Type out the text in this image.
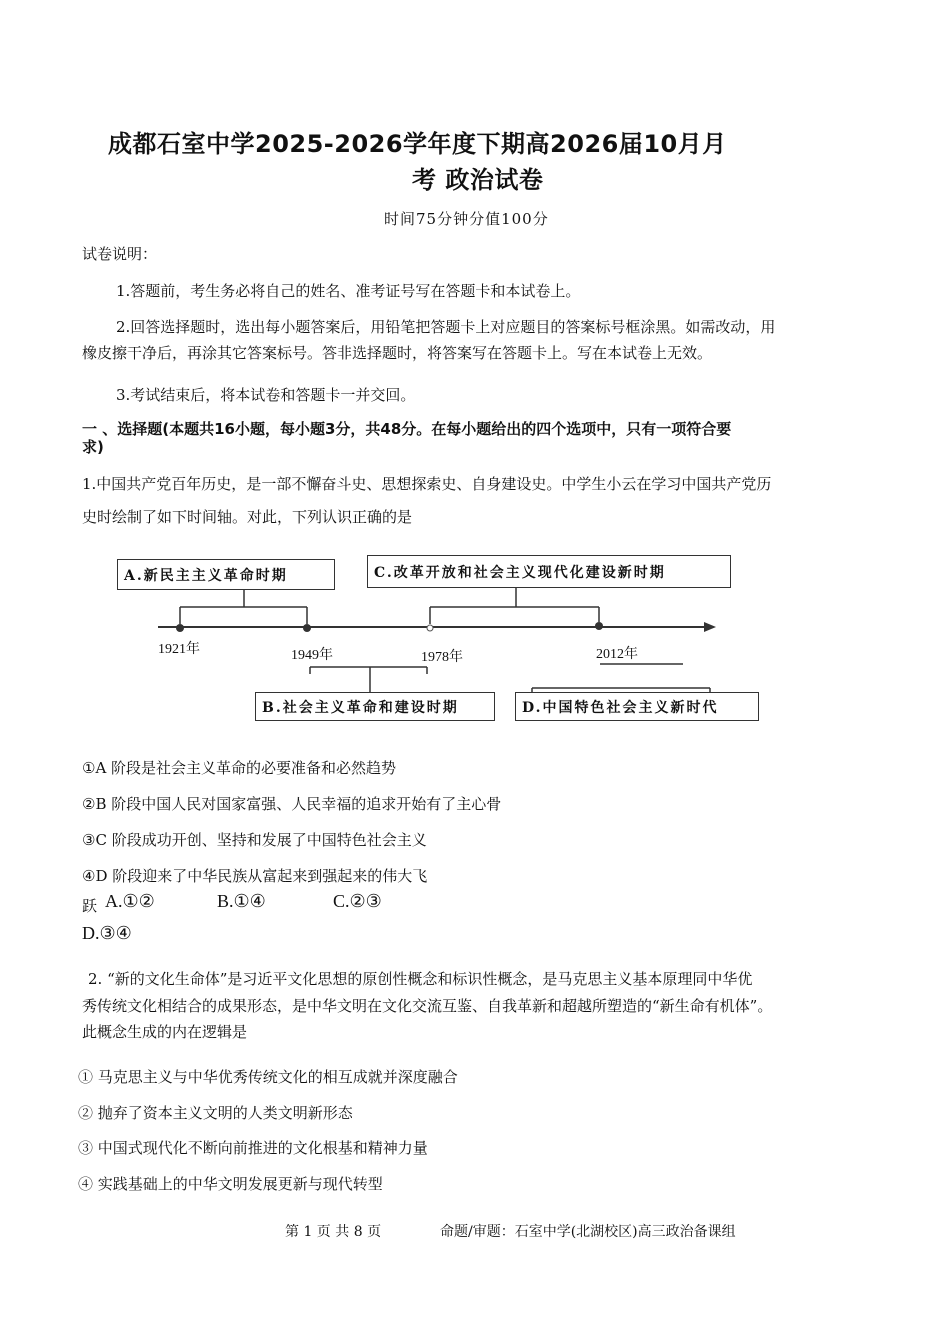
成都石室中学2025-2026学年度下期高2026届10月月
考 政治试卷
时间75分钟分值100分
试卷说明：
1.答题前，考生务必将自己的姓名、准考证号写在答题卡和本试卷上。
2.回答选择题时，选出每小题答案后，用铅笔把答题卡上对应题目的答案标号框涂黑。如需改动，用
橡皮擦干净后，再涂其它答案标号。答非选择题时，将答案写在答题卡上。写在本试卷上无效。
3.考试结束后，将本试卷和答题卡一并交回。
一 、选择题(本题共16小题，每小题3分，共48分。在每小题给出的四个选项中，只有一项符合要
求)
1.中国共产党百年历史，是一部不懈奋斗史、思想探索史、自身建设史。中学生小云在学习中国共产党历
史时绘制了如下时间轴。对此，下列认识正确的是
A.新民主主义革命时期	C.改革开放和社会主义现代化建设新时期
B.社会主义革命和建设时期	D.中国特色社会主义新时代
1921年	1949年	1978年	2012年
①A 阶段是社会主义革命的必要准备和必然趋势
②B 阶段中国人民对国家富强、人民幸福的追求开始有了主心骨
③C 阶段成功开创、坚持和发展了中国特色社会主义
④D 阶段迎来了中华民族从富起来到强起来的伟大飞
跃 A.①②	B.①④	C.②③
D.③④
2. “新的文化生命体”是习近平文化思想的原创性概念和标识性概念，是马克思主义基本原理同中华优
秀传统文化相结合的成果形态，是中华文明在文化交流互鉴、自我革新和超越所塑造的“新生命有机体”。
此概念生成的内在逻辑是
① 马克思主义与中华优秀传统文化的相互成就并深度融合
② 抛弃了资本主义文明的人类文明新形态
③ 中国式现代化不断向前推进的文化根基和精神力量
④ 实践基础上的中华文明发展更新与现代转型
第 1 页 共 8 页	命题/审题：石室中学(北湖校区)高三政治备课组
